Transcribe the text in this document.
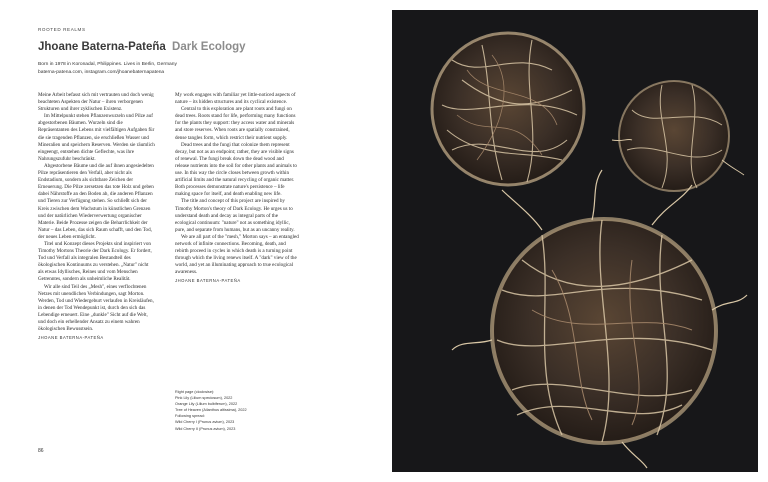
ROOTED REALMS
Jhoane Baterna-Pateña Dark Ecology
Born in 1978 in Koronadal, Philippines. Lives in Berlin, Germany
baterna-patena.com, instagram.com/jhoanebaternapatena

Meine Arbeit befasst sich mit vertrauten und doch wenig beachteten Aspekten der Natur – ihren verborgenen Strukturen und ihrer zyklischen Existenz.

Im Mittelpunkt stehen Pflanzenwurzeln und Pilze auf abgestorbenen Bäumen. Wurzeln sind die Repräsentanten des Lebens mit vielfältigen Aufgaben für die sie tragenden Pflanzen, sie erschließen Wasser und Mineralien und speichern Reserven. Werden sie räumlich eingeengt, entstehen dichte Geflechte, was ihre Nahrungszufuhr beschränkt.

Abgestorbene Bäume und die auf ihnen angesiedelten Pilze repräsentieren den Verfall, aber nicht als Endstadium, sondern als sichtbare Zeichen der Erneuerung. Die Pilze zersetzen das tote Holz und geben dabei Nährstoffe an den Boden ab, die anderen Pflanzen und Tieren zur Verfügung stehen. So schließt sich der Kreis zwischen dem Wachstum in künstlichen Grenzen und der natürlichen Wiederverwertung organischer Materie. Beide Prozesse zeigen die Beharrlichkeit der Natur – das Leben, das sich Raum schafft, und den Tod, der neues Leben ermöglicht.

Titel und Konzept dieses Projekts sind inspiriert von Timothy Mortons Theorie der Dark Ecology. Er fordert, Tod und Verfall als integralen Bestandteil des ökologischen Kontinuums zu verstehen. „Natur" nicht als etwas Idyllisches, Reines und vom Menschen Getrenntes, sondern als unheimliche Realität.

Wir alle sind Teil des „Mesh", eines verflochtenen Netzes mit unendlichen Verbindungen, sagt Morton. Werden, Tod und Wiedergeburt verlaufen in Kreisläufen, in denen der Tod Wendepunkt ist, durch den sich das Lebendige erneuert. Eine „dunkle" Sicht auf die Welt, und doch ein erhellender Ansatz zu einem wahren ökologischen Bewusstsein.

JHOANE BATERNA-PATEÑA

My work engages with familiar yet little-noticed aspects of nature – its hidden structures and its cyclical existence.

Central to this exploration are plant roots and fungi on dead trees. Roots stand for life, performing many functions for the plants they support: they access water and minerals and store reserves. When roots are spatially constrained, dense tangles form, which restrict their nutrient supply.

Dead trees and the fungi that colonize them represent decay, but not as an endpoint; rather, they are visible signs of renewal. The fungi break down the dead wood and release nutrients into the soil for other plants and animals to use. In this way the circle closes between growth within artificial limits and the natural recycling of organic matter. Both processes demonstrate nature's persistence – life making space for itself, and death enabling new life.

The title and concept of this project are inspired by Timothy Morton's theory of Dark Ecology. He urges us to understand death and decay as integral parts of the ecological continuum: "nature" not as something idyllic, pure, and separate from humans, but as an uncanny reality.

We are all part of the "mesh," Morton says – an entangled network of infinite connections. Becoming, death, and rebirth proceed in cycles in which death is a turning point through which the living renews itself. A "dark" view of the world, and yet an illuminating approach to true ecological awareness.

JHOANE BATERNA-PATEÑA
Right page (clockwise):
Pink Lily (Lilium speciosum), 2022
Orange Lily (Lilium bulbiferum), 2022
Tree of Heaven (Ailanthus altissima), 2022
Following spread:
Wild Cherry I (Prunus avium), 2023
Wild Cherry II (Prunus avium), 2023
86
